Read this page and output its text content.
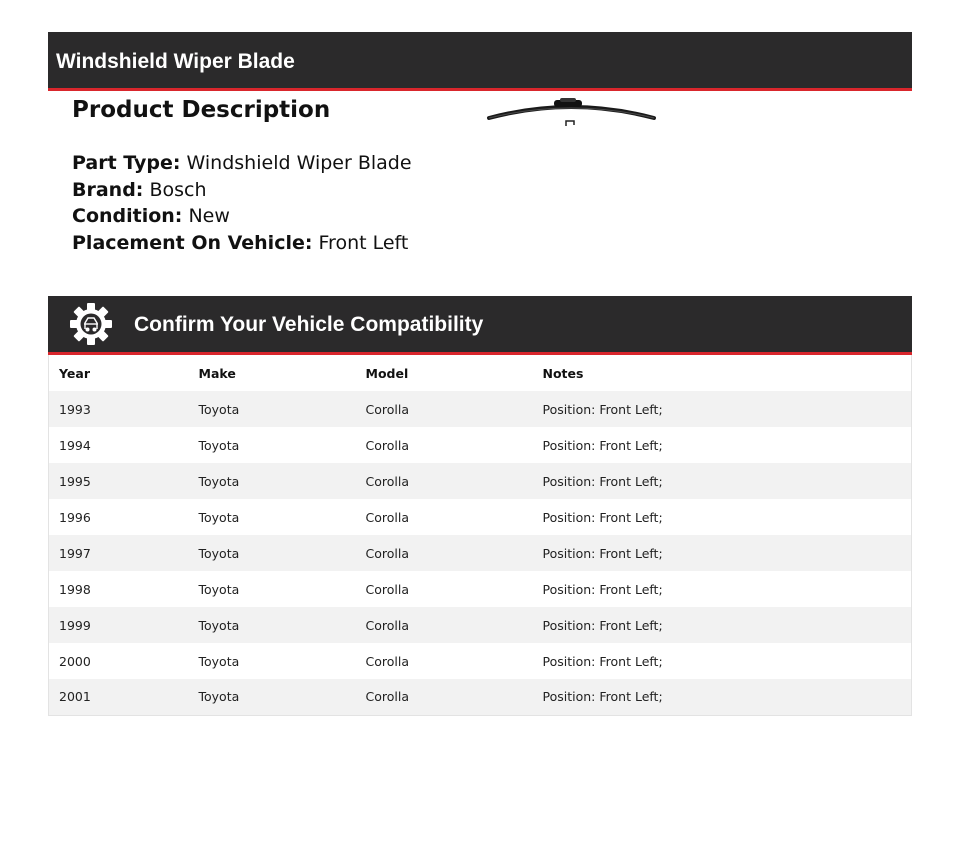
Windshield Wiper Blade
Product Description
Part Type: Windshield Wiper Blade
Brand: Bosch
Condition: New
Placement On Vehicle: Front Left
Confirm Your Vehicle Compatibility
Year	Make	Model	Notes
1993	Toyota	Corolla	Position: Front Left;
1994	Toyota	Corolla	Position: Front Left;
1995	Toyota	Corolla	Position: Front Left;
1996	Toyota	Corolla	Position: Front Left;
1997	Toyota	Corolla	Position: Front Left;
1998	Toyota	Corolla	Position: Front Left;
1999	Toyota	Corolla	Position: Front Left;
2000	Toyota	Corolla	Position: Front Left;
2001	Toyota	Corolla	Position: Front Left;
